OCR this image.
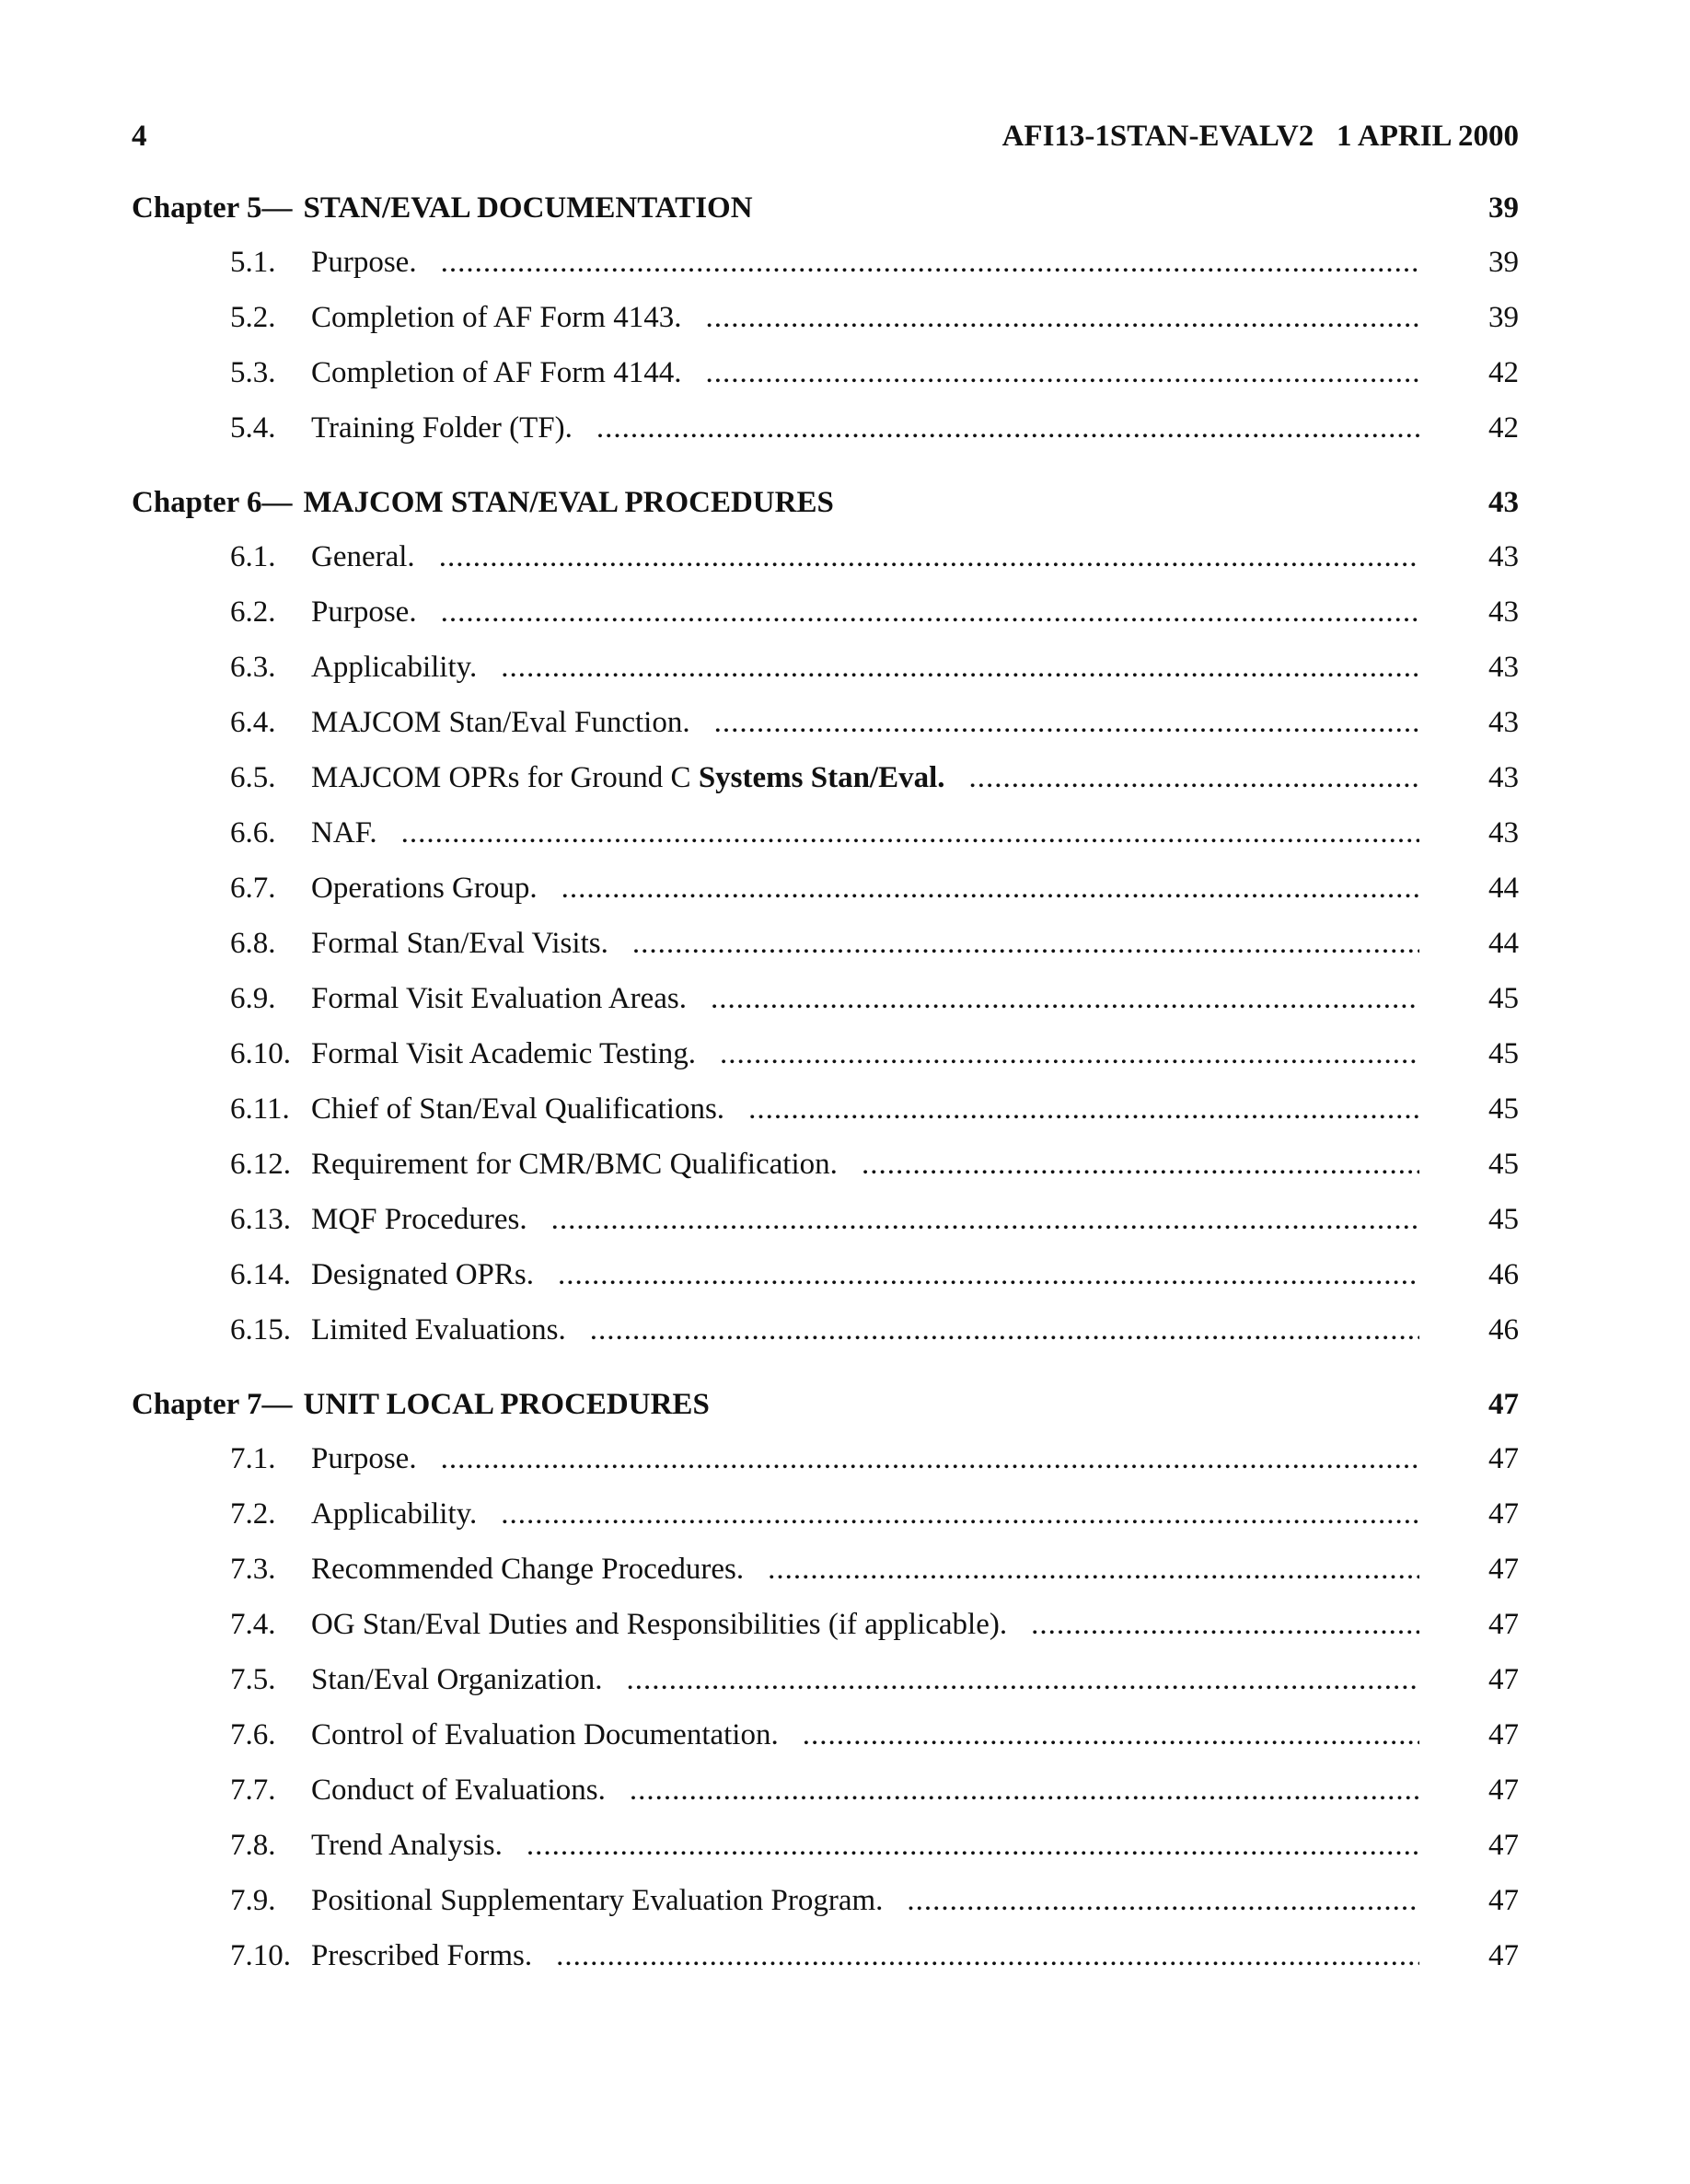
4	AFI13-1STAN-EVALV2   1 APRIL 2000
Chapter 5— STAN/EVAL DOCUMENTATION	39
5.1.	Purpose. .....	39
5.2.	Completion of AF Form 4143. .....	39
5.3.	Completion of AF Form 4144. .....	42
5.4.	Training Folder (TF). .....	42
Chapter 6— MAJCOM STAN/EVAL PROCEDURES	43
6.1.	General. .....	43
6.2.	Purpose. .....	43
6.3.	Applicability. .....	43
6.4.	MAJCOM Stan/Eval Function. .....	43
6.5.	MAJCOM OPRs for Ground C Systems Stan/Eval. .....	43
6.6.	NAF. .....	43
6.7.	Operations Group. .....	44
6.8.	Formal Stan/Eval Visits. .....	44
6.9.	Formal Visit Evaluation Areas. .....	45
6.10. Formal Visit Academic Testing. .....	45
6.11. Chief of Stan/Eval Qualifications. .....	45
6.12. Requirement for CMR/BMC Qualification. .....	45
6.13. MQF Procedures. .....	45
6.14. Designated OPRs. .....	46
6.15. Limited Evaluations. .....	46
Chapter 7— UNIT LOCAL PROCEDURES	47
7.1.	Purpose. .....	47
7.2.	Applicability. .....	47
7.3.	Recommended Change Procedures. .....	47
7.4.	OG Stan/Eval Duties and Responsibilities (if applicable). .....	47
7.5.	Stan/Eval Organization. .....	47
7.6.	Control of Evaluation Documentation. .....	47
7.7.	Conduct of Evaluations. .....	47
7.8.	Trend Analysis. .....	47
7.9.	Positional Supplementary Evaluation Program. .....	47
7.10. Prescribed Forms. .....	47
